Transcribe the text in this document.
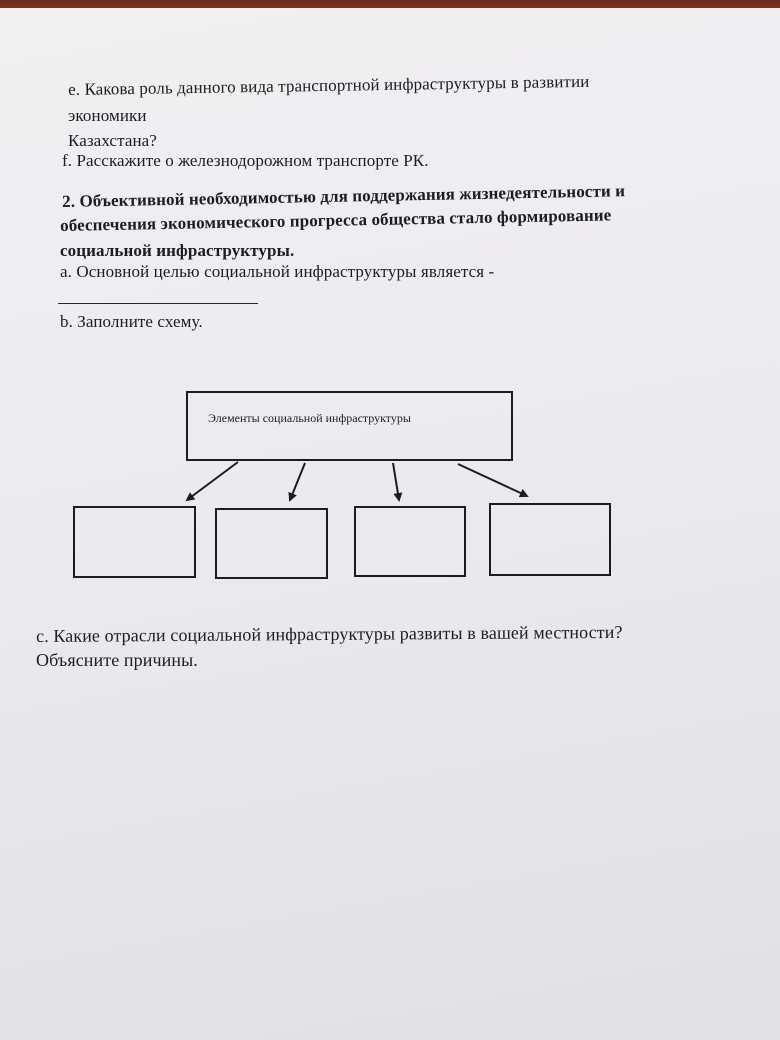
e. Какова роль данного вида транспортной инфраструктуры в развитии
экономики
Казахстана?
f. Расскажите о железнодорожном транспорте РК.
2. Объективной необходимостью для поддержания жизнедеятельности и
обеспечения экономического прогресса общества стало формирование
социальной инфраструктуры.
a. Основной целью социальной инфраструктуры является -
b. Заполните схему.
Элементы социальной инфраструктуры
c. Какие отрасли социальной инфраструктуры развиты в вашей местности?
Объясните причины.
